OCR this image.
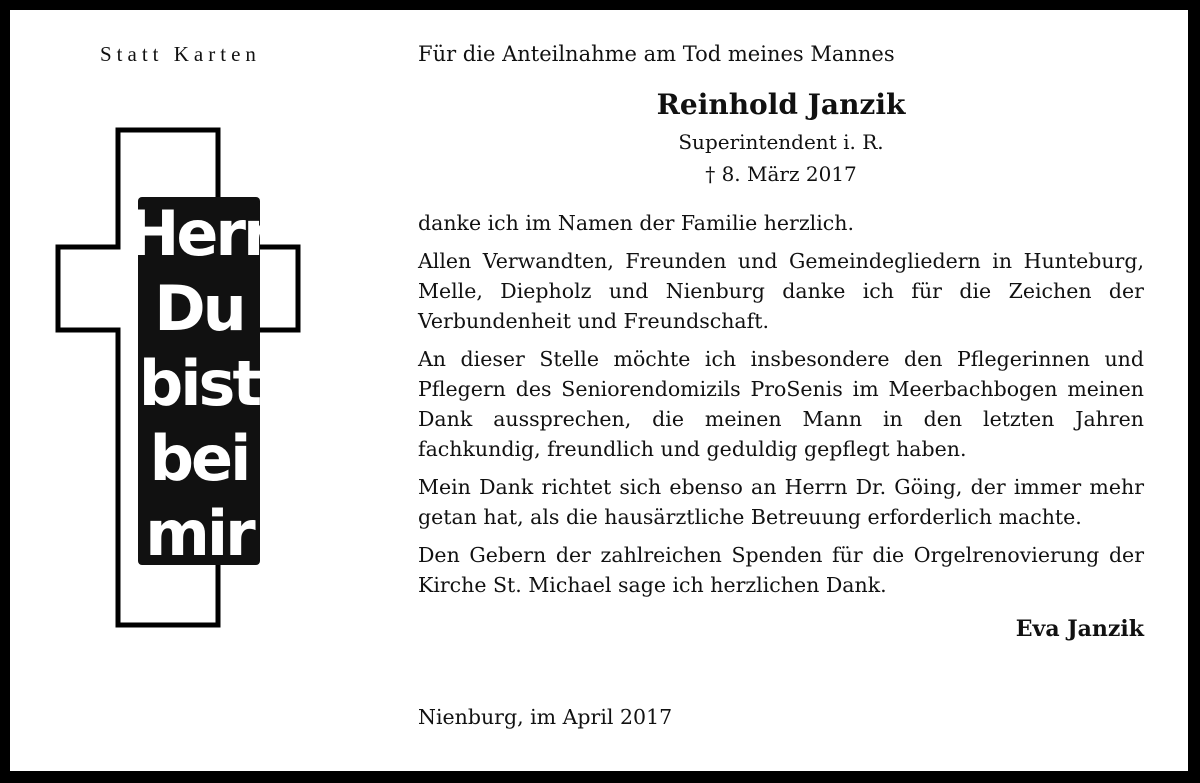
Statt Karten
Herr
Du
bist
bei
mir
Für die Anteilnahme am Tod meines Mannes
Reinhold Janzik
Superintendent i. R.
† 8. März 2017

danke ich im Namen der Familie herzlich.

Allen Verwandten, Freunden und Gemeindegliedern in Hunteburg, Melle, Diepholz und Nienburg danke ich für die Zeichen der Verbundenheit und Freundschaft.

An dieser Stelle möchte ich insbesondere den Pflegerinnen und Pflegern des Seniorendomizils ProSenis im Meerbachbogen meinen Dank aussprechen, die meinen Mann in den letzten Jahren fachkundig, freundlich und geduldig gepflegt haben.

Mein Dank richtet sich ebenso an Herrn Dr. Göing, der immer mehr getan hat, als die hausärztliche Betreuung erforderlich machte.

Den Gebern der zahlreichen Spenden für die Orgelrenovierung der Kirche St. Michael sage ich herzlichen Dank.

Eva Janzik
Nienburg, im April 2017
